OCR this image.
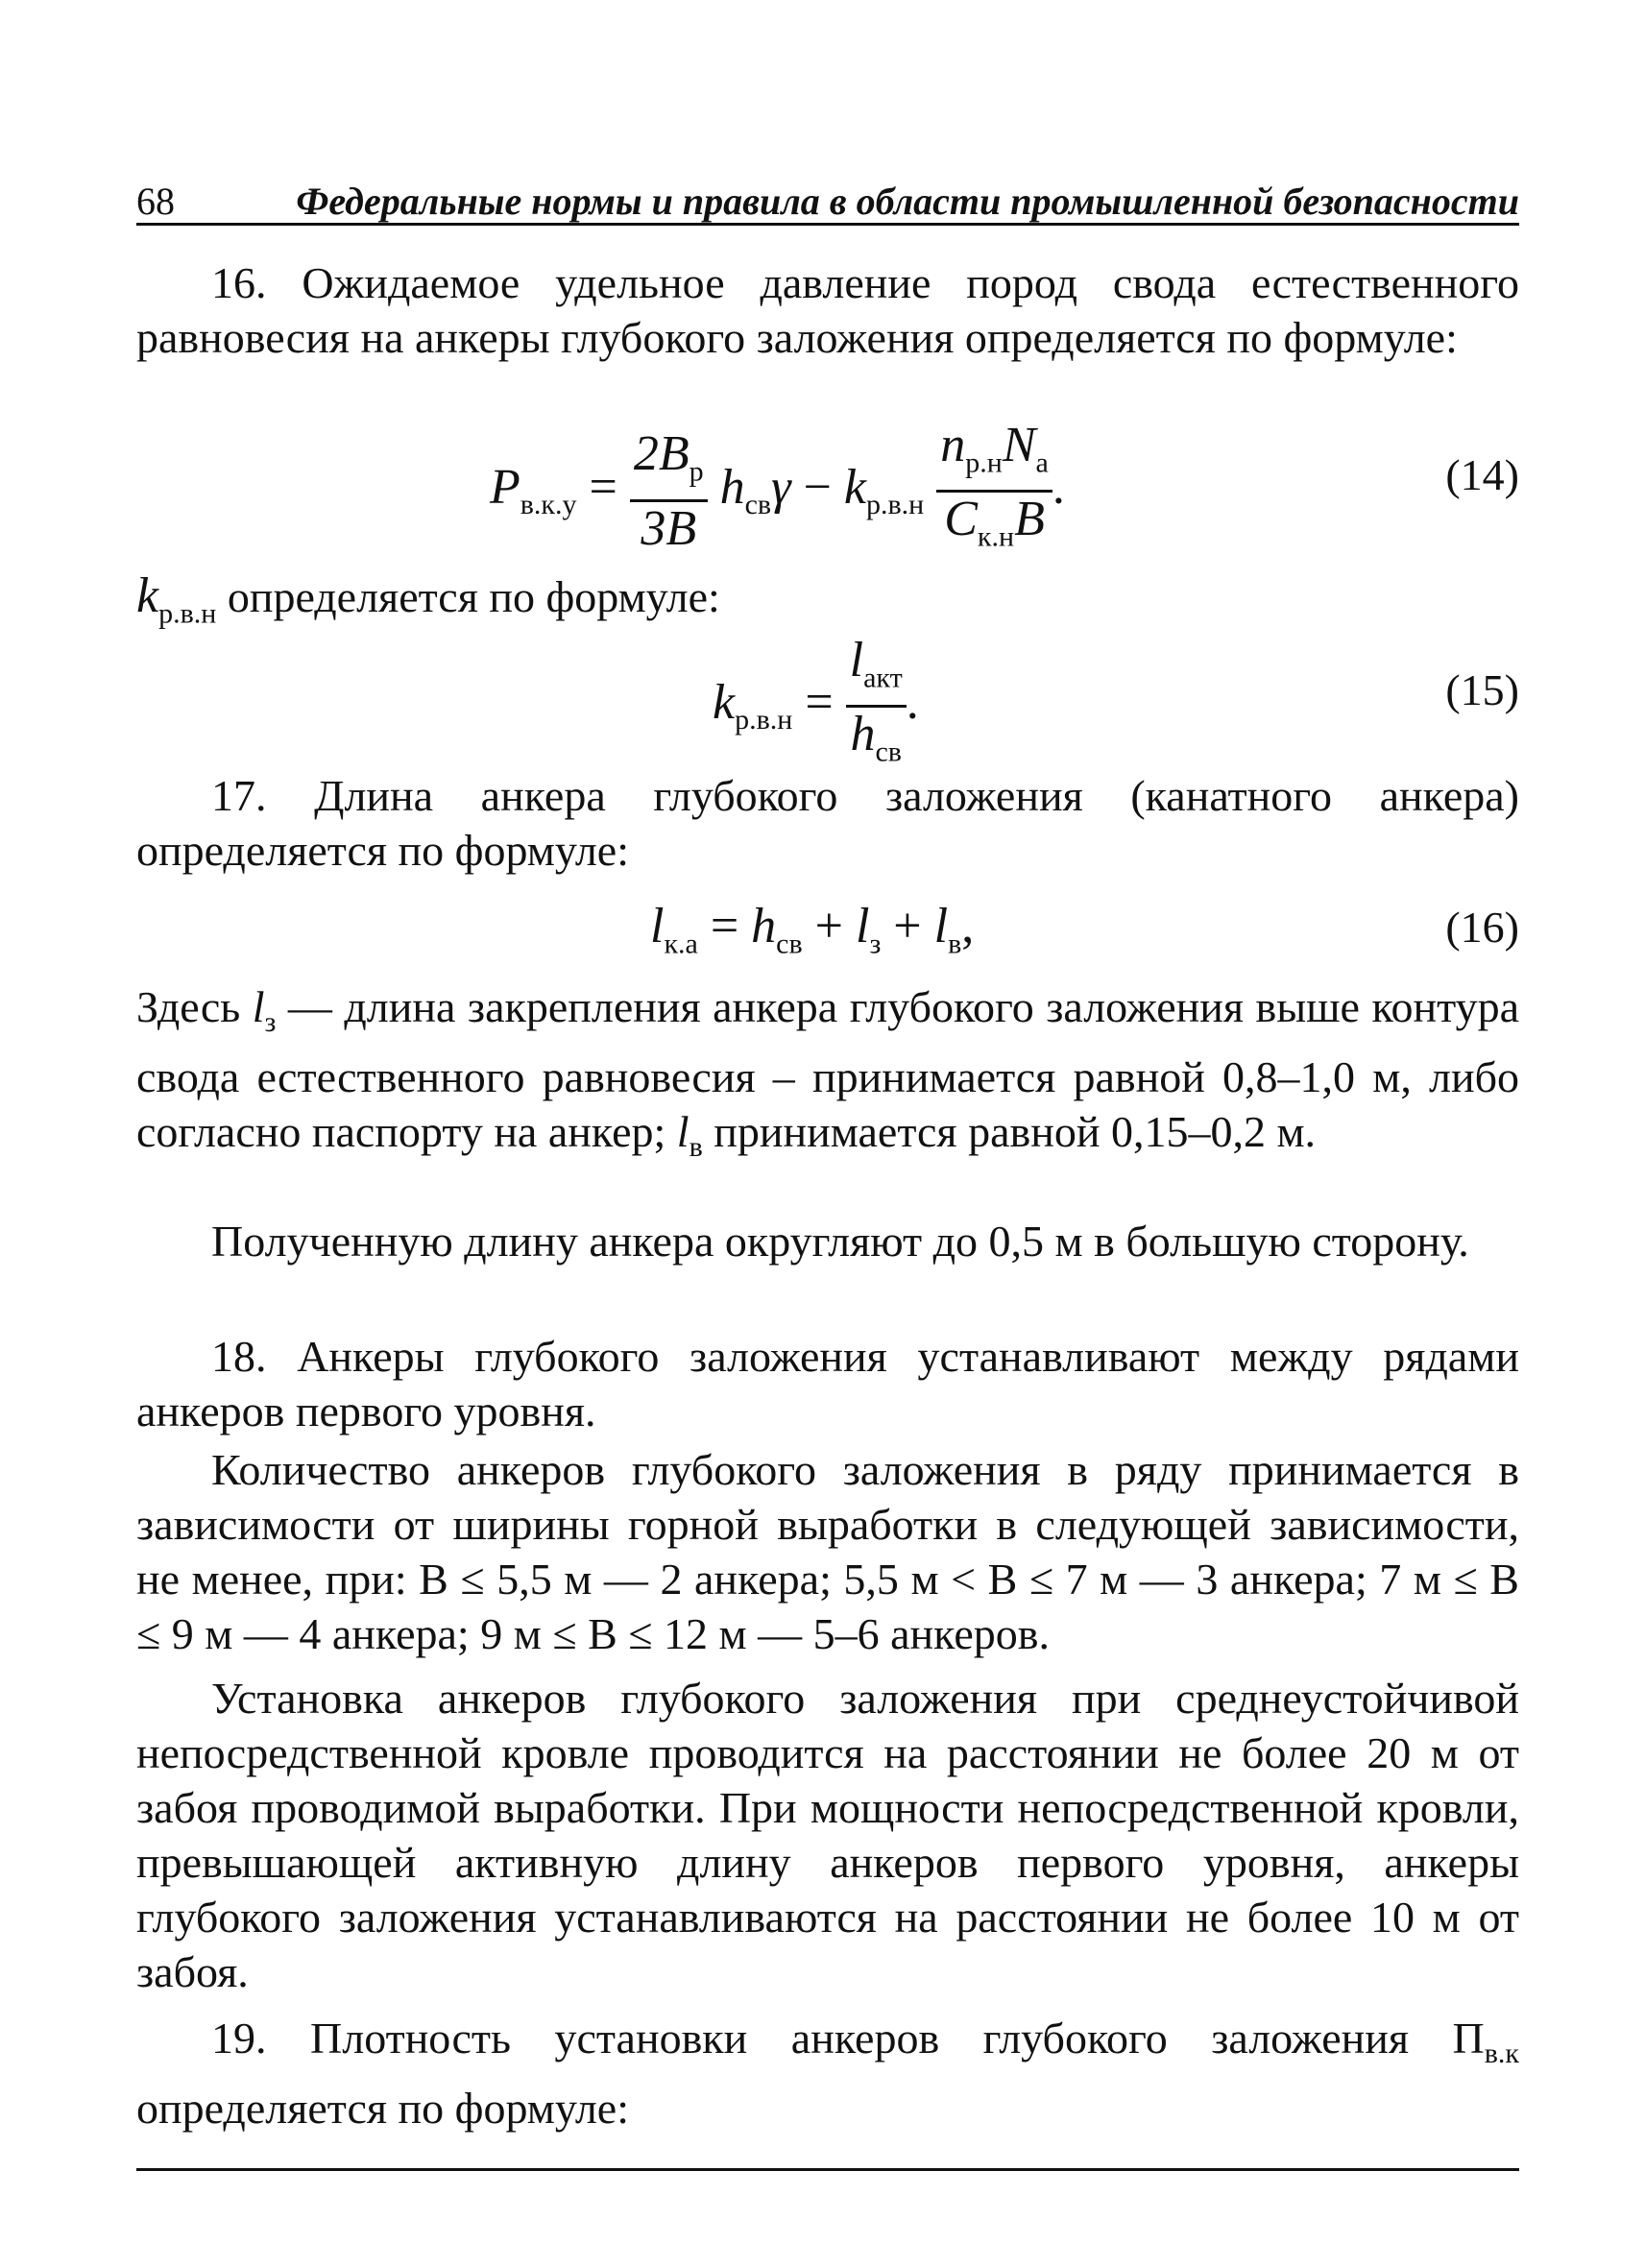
68	Федеральные нормы и правила в области промышленной безопасности
16. Ожидаемое удельное давление пород свода естественного равновесия на анкеры глубокого заложения определяется по формуле:
$P_{в.к.у} = \frac{2B_р}{3B} h_{св}\gamma - k_{р.в.н} \frac{n_{р.н}N_а}{C_{к.н}B}$ .	(14)
$k_{р.в.н}$ определяется по формуле:
$k_{р.в.н} = \frac{l_{акт}}{h_{св}}$ .	(15)
17. Длина анкера глубокого заложения (канатного анкера) определяется по формуле:
$l_{к.а} = h_{св} + l_з + l_в$,	(16)
Здесь $l_з$ — длина закрепления анкера глубокого заложения выше контура свода естественного равновесия – принимается равной 0,8–1,0 м, либо согласно паспорту на анкер; $l_в$ принимается равной 0,15–0,2 м.
Полученную длину анкера округляют до 0,5 м в большую сторону.
18. Анкеры глубокого заложения устанавливают между рядами анкеров первого уровня.
Количество анкеров глубокого заложения в ряду принимается в зависимости от ширины горной выработки в следующей зависимости, не менее, при: B ≤ 5,5 м — 2 анкера; 5,5 м < B ≤ 7 м — 3 анкера; 7 м ≤ B ≤ 9 м — 4 анкера; 9 м ≤ B ≤ 12 м — 5–6 анкеров.
Установка анкеров глубокого заложения при среднеустойчивой непосредственной кровле проводится на расстоянии не более 20 м от забоя проводимой выработки. При мощности непосредственной кровли, превышающей активную длину анкеров первого уровня, анкеры глубокого заложения устанавливаются на расстоянии не более 10 м от забоя.
19. Плотность установки анкеров глубокого заложения $П_{в.к}$ определяется по формуле:
